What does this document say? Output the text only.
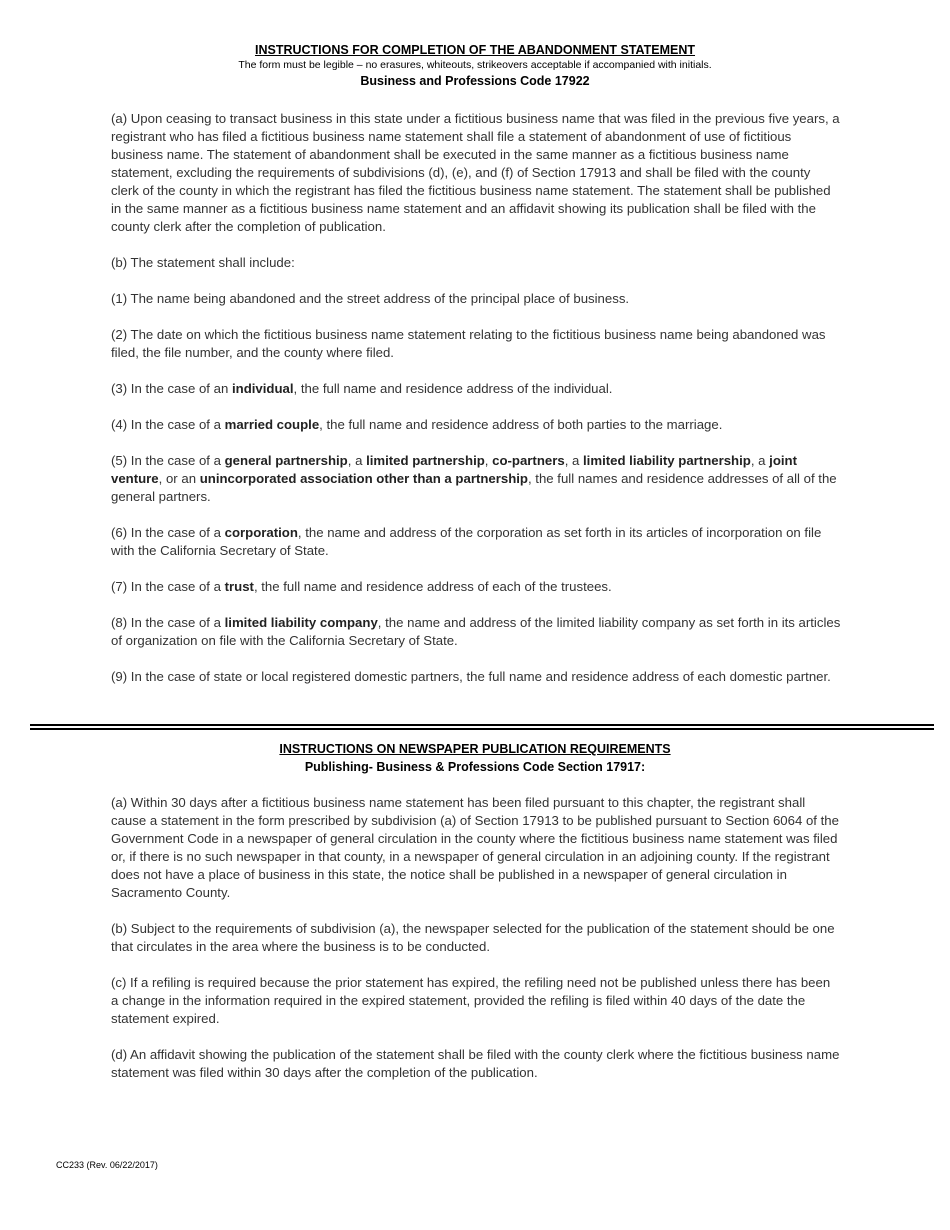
INSTRUCTIONS FOR COMPLETION OF THE ABANDONMENT STATEMENT
The form must be legible – no erasures, whiteouts, strikeovers acceptable if accompanied with initials.
Business and Professions Code 17922

(a) Upon ceasing to transact business in this state under a fictitious business name that was filed in the previous five years, a registrant who has filed a fictitious business name statement shall file a statement of abandonment of use of fictitious business name. The statement of abandonment shall be executed in the same manner as a fictitious business name statement, excluding the requirements of subdivisions (d), (e), and (f) of Section 17913 and shall be filed with the county clerk of the county in which the registrant has filed the fictitious business name statement. The statement shall be published in the same manner as a fictitious business name statement and an affidavit showing its publication shall be filed with the county clerk after the completion of publication.

(b) The statement shall include:

(1) The name being abandoned and the street address of the principal place of business.

(2) The date on which the fictitious business name statement relating to the fictitious business name being abandoned was filed, the file number, and the county where filed.

(3) In the case of an individual, the full name and residence address of the individual.

(4) In the case of a married couple, the full name and residence address of both parties to the marriage.

(5) In the case of a general partnership, a limited partnership, co-partners, a limited liability partnership, a joint venture, or an unincorporated association other than a partnership, the full names and residence addresses of all of the general partners.

(6) In the case of a corporation, the name and address of the corporation as set forth in its articles of incorporation on file with the California Secretary of State.

(7) In the case of a trust, the full name and residence address of each of the trustees.

(8) In the case of a limited liability company, the name and address of the limited liability company as set forth in its articles of organization on file with the California Secretary of State.

(9) In the case of state or local registered domestic partners, the full name and residence address of each domestic partner.

INSTRUCTIONS ON NEWSPAPER PUBLICATION REQUIREMENTS
Publishing- Business & Professions Code Section 17917:

(a) Within 30 days after a fictitious business name statement has been filed pursuant to this chapter, the registrant shall cause a statement in the form prescribed by subdivision (a) of Section 17913 to be published pursuant to Section 6064 of the Government Code in a newspaper of general circulation in the county where the fictitious business name statement was filed or, if there is no such newspaper in that county, in a newspaper of general circulation in an adjoining county. If the registrant does not have a place of business in this state, the notice shall be published in a newspaper of general circulation in Sacramento County.

(b) Subject to the requirements of subdivision (a), the newspaper selected for the publication of the statement should be one that circulates in the area where the business is to be conducted.

(c) If a refiling is required because the prior statement has expired, the refiling need not be published unless there has been a change in the information required in the expired statement, provided the refiling is filed within 40 days of the date the statement expired.

(d) An affidavit showing the publication of the statement shall be filed with the county clerk where the fictitious business name statement was filed within 30 days after the completion of the publication.

CC233 (Rev. 06/22/2017)
